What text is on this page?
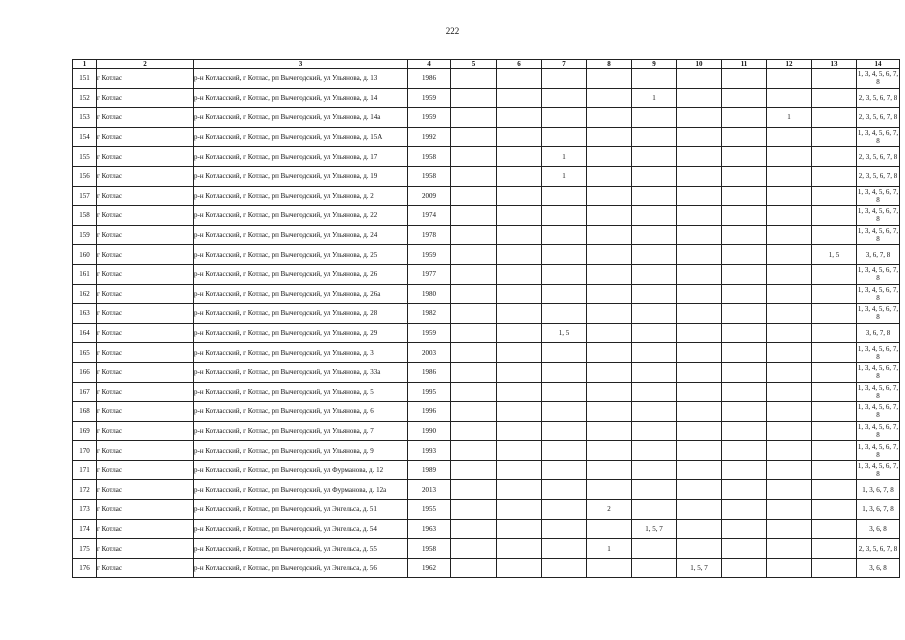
222
1	2	3	4	5	6	7	8	9	10	11	12	13	14
151	г Котлас	р-н Котласский, г Котлас, рп Вычегодский, ул Ульянова, д. 13	1986										1, 3, 4, 5, 6, 7, 8
152	г Котлас	р-н Котласский, г Котлас, рп Вычегодский, ул Ульянова, д. 14	1959					1					2, 3, 5, 6, 7, 8
153	г Котлас	р-н Котласский, г Котлас, рп Вычегодский, ул Ульянова, д. 14а	1959								1		2, 3, 5, 6, 7, 8
154	г Котлас	р-н Котласский, г Котлас, рп Вычегодский, ул Ульянова, д. 15А	1992										1, 3, 4, 5, 6, 7, 8
155	г Котлас	р-н Котласский, г Котлас, рп Вычегодский, ул Ульянова, д. 17	1958			1							2, 3, 5, 6, 7, 8
156	г Котлас	р-н Котласский, г Котлас, рп Вычегодский, ул Ульянова, д. 19	1958			1							2, 3, 5, 6, 7, 8
157	г Котлас	р-н Котласский, г Котлас, рп Вычегодский, ул Ульянова, д. 2	2009										1, 3, 4, 5, 6, 7, 8
158	г Котлас	р-н Котласский, г Котлас, рп Вычегодский, ул Ульянова, д. 22	1974										1, 3, 4, 5, 6, 7, 8
159	г Котлас	р-н Котласский, г Котлас, рп Вычегодский, ул Ульянова, д. 24	1978										1, 3, 4, 5, 6, 7, 8
160	г Котлас	р-н Котласский, г Котлас, рп Вычегодский, ул Ульянова, д. 25	1959									1, 5	3, 6, 7, 8
161	г Котлас	р-н Котласский, г Котлас, рп Вычегодский, ул Ульянова, д. 26	1977										1, 3, 4, 5, 6, 7, 8
162	г Котлас	р-н Котласский, г Котлас, рп Вычегодский, ул Ульянова, д. 26а	1980										1, 3, 4, 5, 6, 7, 8
163	г Котлас	р-н Котласский, г Котлас, рп Вычегодский, ул Ульянова, д. 28	1982										1, 3, 4, 5, 6, 7, 8
164	г Котлас	р-н Котласский, г Котлас, рп Вычегодский, ул Ульянова, д. 29	1959			1, 5							3, 6, 7, 8
165	г Котлас	р-н Котласский, г Котлас, рп Вычегодский, ул Ульянова, д. 3	2003										1, 3, 4, 5, 6, 7, 8
166	г Котлас	р-н Котласский, г Котлас, рп Вычегодский, ул Ульянова, д. 33а	1986										1, 3, 4, 5, 6, 7, 8
167	г Котлас	р-н Котласский, г Котлас, рп Вычегодский, ул Ульянова, д. 5	1995										1, 3, 4, 5, 6, 7, 8
168	г Котлас	р-н Котласский, г Котлас, рп Вычегодский, ул Ульянова, д. 6	1996										1, 3, 4, 5, 6, 7, 8
169	г Котлас	р-н Котласский, г Котлас, рп Вычегодский, ул Ульянова, д. 7	1990										1, 3, 4, 5, 6, 7, 8
170	г Котлас	р-н Котласский, г Котлас, рп Вычегодский, ул Ульянова, д. 9	1993										1, 3, 4, 5, 6, 7, 8
171	г Котлас	р-н Котласский, г Котлас, рп Вычегодский, ул Фурманова, д. 12	1989										1, 3, 4, 5, 6, 7, 8
172	г Котлас	р-н Котласский, г Котлас, рп Вычегодский, ул Фурманова, д. 12а	2013										1, 3, 6, 7, 8
173	г Котлас	р-н Котласский, г Котлас, рп Вычегодский, ул Энгельса, д. 51	1955				2						1, 3, 6, 7, 8
174	г Котлас	р-н Котласский, г Котлас, рп Вычегодский, ул Энгельса, д. 54	1963					1, 5, 7					3, 6, 8
175	г Котлас	р-н Котласский, г Котлас, рп Вычегодский, ул Энгельса, д. 55	1958				1						2, 3, 5, 6, 7, 8
176	г Котлас	р-н Котласский, г Котлас, рп Вычегодский, ул Энгельса, д. 56	1962						1, 5, 7				3, 6, 8
